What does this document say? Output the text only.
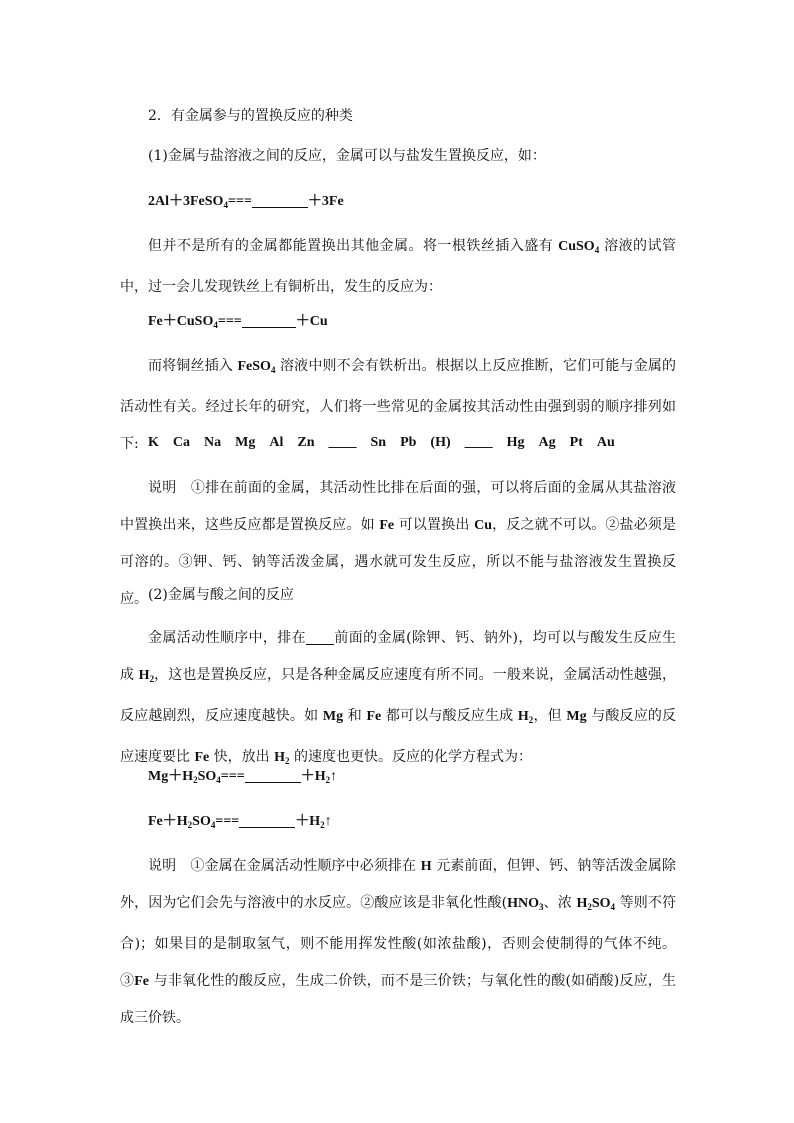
2．有金属参与的置换反应的种类
(1)金属与盐溶液之间的反应，金属可以与盐发生置换反应，如：
2Al＋3FeSO$_4$===	＋3Fe
但并不是所有的金属都能置换出其他金属。将一根铁丝插入盛有 CuSO$_4$ 溶液的试管中，过一会儿发现铁丝上有铜析出，发生的反应为：
Fe＋CuSO$_4$===	＋Cu
而将铜丝插入 FeSO$_4$ 溶液中则不会有铁析出。根据以上反应推断，它们可能与金属的活动性有关。经过长年的研究，人们将一些常见的金属按其活动性由强到弱的顺序排列如下: K Ca Na Mg Al Zn ____ Sn Pb (H) ____ Hg Ag Pt Au
说明　①排在前面的金属，其活动性比排在后面的强，可以将后面的金属从其盐溶液中置换出来，这些反应都是置换反应。如 Fe 可以置换出 Cu，反之就不可以。②盐必须是可溶的。③钾、钙、钠等活泼金属，遇水就可发生反应，所以不能与盐溶液发生置换反应。 (2)金属与酸之间的反应
金属活动性顺序中，排在 前面的金属(除钾、钙、钠外)，均可以与酸发生反应生成 $H_2$，这也是置换反应，只是各种金属反应速度有所不同。一般来说，金属活动性越强，反应越剧烈，反应速度越快。如 Mg 和 Fe 都可以与酸反应生成 $H_2$，但 Mg 与酸反应的反应速度要比 Fe 快，放出 $H_2$ 的速度也更快。反应的化学方程式为：
$Mg+H_2SO_4===$	$+H_2↑$
$Fe+H_2SO_4===$	$+H_2↑$
说明　①金属在金属活动性顺序中必须排在 H 元素前面，但钾、钙、钠等活泼金属除外，因为它们会先与溶液中的水反应。②酸应该是非氧化性酸($HNO_3$、浓 $H_2SO_4$ 等则不符合)；如果目的是制取氢气，则不能用挥发性酸(如浓盐酸)，否则会使制得的气体不纯。③Fe 与非氧化性的酸反应，生成二价铁，而不是三价铁；与氧化性的酸(如硝酸)反应，生成三价铁。
